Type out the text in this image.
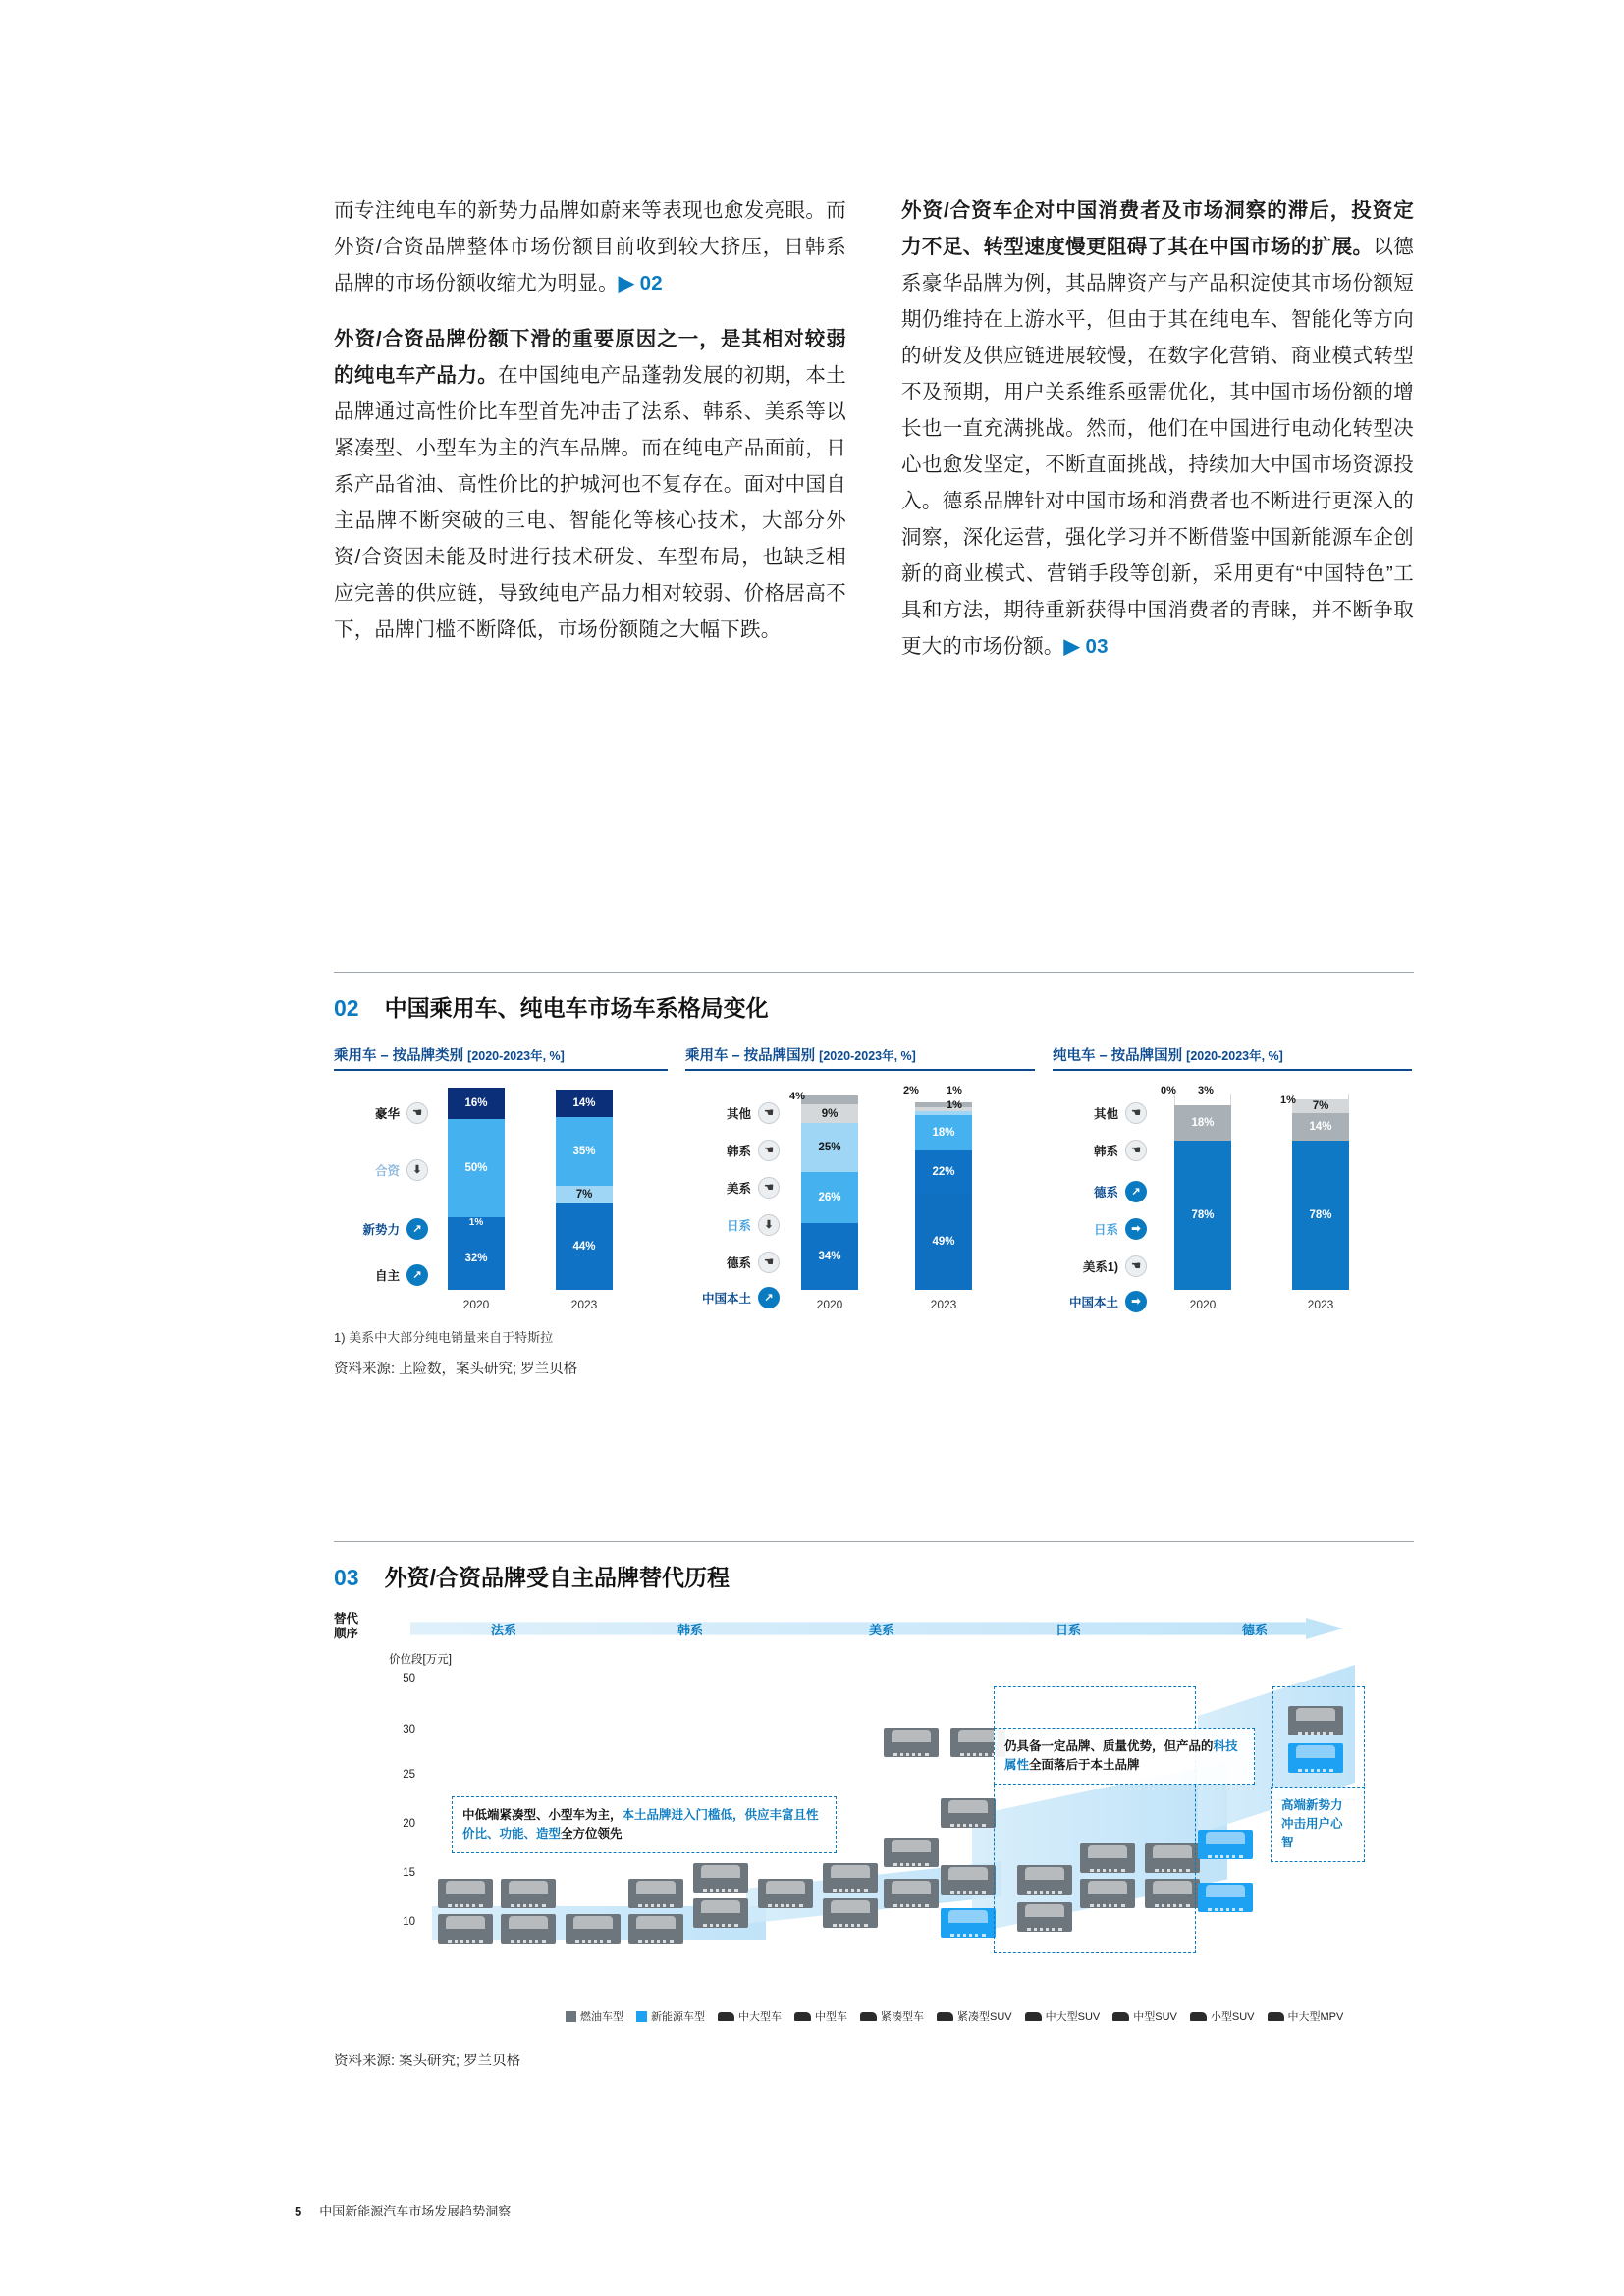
而专注纯电车的新势力品牌如蔚来等表现也愈发亮眼。而外资/合资品牌整体市场份额目前收到较大挤压，日韩系品牌的市场份额收缩尤为明显。▶ 02

外资/合资品牌份额下滑的重要原因之一，是其相对较弱的纯电车产品力。在中国纯电产品蓬勃发展的初期，本土品牌通过高性价比车型首先冲击了法系、韩系、美系等以紧凑型、小型车为主的汽车品牌。而在纯电产品面前，日系产品省油、高性价比的护城河也不复存在。面对中国自主品牌不断突破的三电、智能化等核心技术，大部分外资/合资因未能及时进行技术研发、车型布局，也缺乏相应完善的供应链，导致纯电产品力相对较弱、价格居高不下，品牌门槛不断降低，市场份额随之大幅下跌。

外资/合资车企对中国消费者及市场洞察的滞后，投资定力不足、转型速度慢更阻碍了其在中国市场的扩展。以德系豪华品牌为例，其品牌资产与产品积淀使其市场份额短期仍维持在上游水平，但由于其在纯电车、智能化等方向的研发及供应链进展较慢，在数字化营销、商业模式转型不及预期，用户关系维系亟需优化，其中国市场份额的增长也一直充满挑战。然而，他们在中国进行电动化转型决心也愈发坚定，不断直面挑战，持续加大中国市场资源投入。德系品牌针对中国市场和消费者也不断进行更深入的洞察，深化运营，强化学习并不断借鉴中国新能源车企创新的商业模式、营销手段等创新，采用更有“中国特色”工具和方法，期待重新获得中国消费者的青睐，并不断争取更大的市场份额。▶ 03

02 中国乘用车、纯电车市场车系格局变化
乘用车 – 按品牌类别 [2020-2023年, %]
豪华	☚
合资	⬇
新势力	↗
自主	↗
16%
50%
1%
32%
2020
14%
35%
7%
44%
2023
乘用车 – 按品牌国别 [2020-2023年, %]
其他	☚
韩系	☚
美系	☚
日系	⬇
德系	☚
中国本土	↗
9%
25%
26%
34%
4%
2020
18%
22%
49%
2%	1%
1%
2023
纯电车 – 按品牌国别 [2020-2023年, %]
其他	☚
韩系	☚
德系	↗
日系	➡
美系1)	☚
中国本土	➡
18%
78%
0% 3%
2020
7%
14%
78%
1%
2023
1) 美系中大部分纯电销量来自于特斯拉
资料来源: 上险数，案头研究; 罗兰贝格
03 外资/合资品牌受自主品牌替代历程
替代
顺序	法系	韩系	美系	日系	德系
价位段[万元]
50
30
25
20
15
10
中低端紧凑型、小型车为主，本土品牌进入门槛低，供应丰富且性价比、功能、造型全方位领先
仍具备一定品牌、质量优势，但产品的科技属性全面落后于本土品牌
高端新势力冲击用户心智
燃油车型	新能源车型	中大型车	中型车	紧凑型车	紧凑型SUV	中大型SUV	中型SUV	小型SUV	中大型MPV
资料来源: 案头研究; 罗兰贝格
5 中国新能源汽车市场发展趋势洞察
